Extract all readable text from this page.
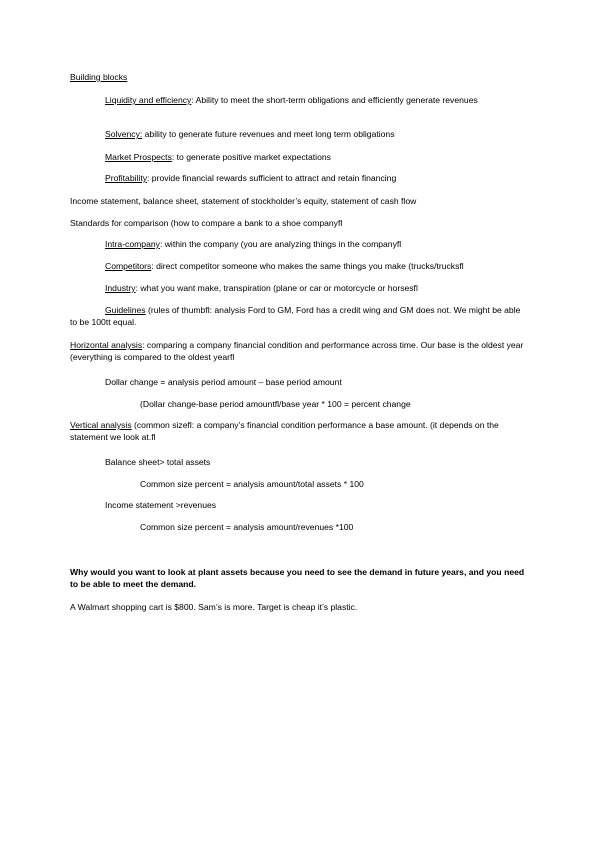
Building blocks

Liquidity and efficiency: Ability to meet the short-term obligations and efficiently generate revenues

Solvency: ability to generate future revenues and meet long term obligations

Market Prospects: to generate positive market expectations

Profitability: provide financial rewards sufficient to attract and retain financing

Income statement, balance sheet, statement of stockholder’s equity, statement of cash flow

Standards for comparison (how to compare a bank to a shoe companyfl

Intra-company: within the company (you are analyzing things in the companyfl

Competitors: direct competitor someone who makes the same things you make (trucks/trucksfl

Industry: what you want make, transpiration (plane or car or motorcycle or horsesfl

Guidelines (rules of thumbfl: analysis Ford to GM, Ford has a credit wing and GM does not. We might be able to be 100tt equal.

Horizontal analysis: comparing a company financial condition and performance across time. Our base is the oldest year (everything is compared to the oldest yearfl

Dollar change = analysis period amount – base period amount

(Dollar change-base period amountfl/base year * 100 = percent change

Vertical analysis (common sizefl: a company’s financial condition performance a base amount. (it depends on the statement we look at.fl

Balance sheet> total assets

Common size percent = analysis amount/total assets * 100

Income statement >revenues

Common size percent = analysis amount/revenues *100

Why would you want to look at plant assets because you need to see the demand in future years, and you need to be able to meet the demand.

A Walmart shopping cart is $800. Sam’s is more. Target is cheap it’s plastic.
